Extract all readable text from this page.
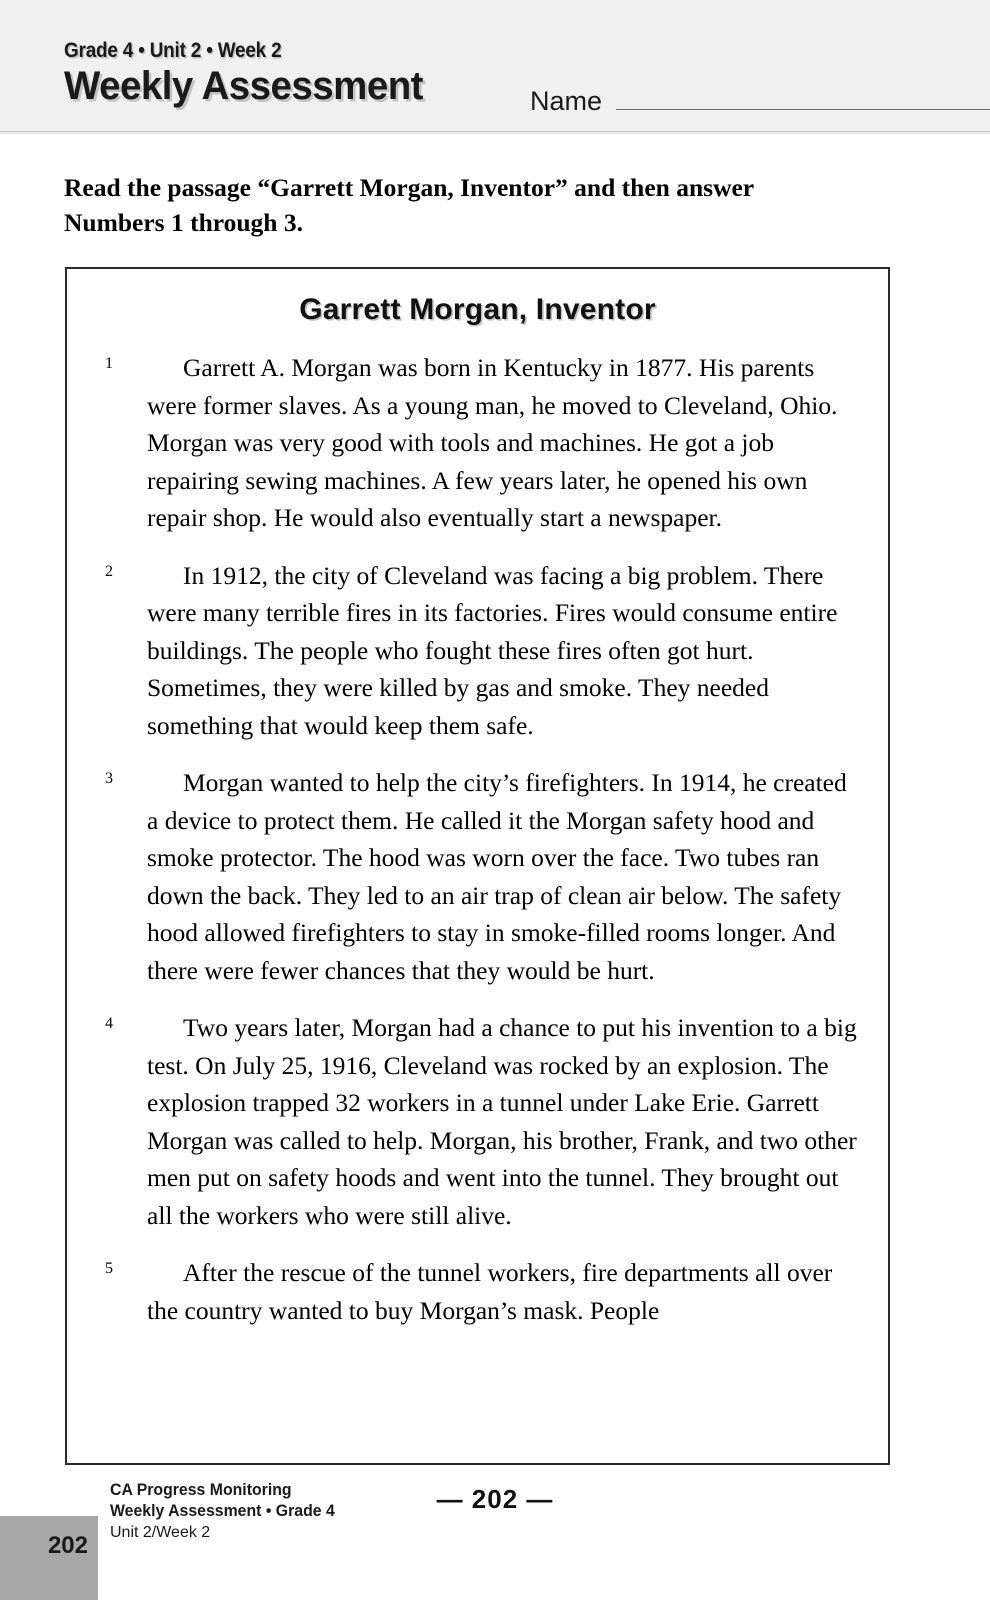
Grade 4 • Unit 2 • Week 2
Weekly Assessment	Name
Read the passage “Garrett Morgan, Inventor” and then answer Numbers 1 through 3.
Garrett Morgan, Inventor
1	Garrett A. Morgan was born in Kentucky in 1877. His parents were former slaves. As a young man, he moved to Cleveland, Ohio. Morgan was very good with tools and machines. He got a job repairing sewing machines. A few years later, he opened his own repair shop. He would also eventually start a newspaper.
2	In 1912, the city of Cleveland was facing a big problem. There were many terrible fires in its factories. Fires would consume entire buildings. The people who fought these fires often got hurt. Sometimes, they were killed by gas and smoke. They needed something that would keep them safe.
3	Morgan wanted to help the city’s firefighters. In 1914, he created a device to protect them. He called it the Morgan safety hood and smoke protector. The hood was worn over the face. Two tubes ran down the back. They led to an air trap of clean air below. The safety hood allowed firefighters to stay in smoke-filled rooms longer. And there were fewer chances that they would be hurt.
4	Two years later, Morgan had a chance to put his invention to a big test. On July 25, 1916, Cleveland was rocked by an explosion. The explosion trapped 32 workers in a tunnel under Lake Erie. Garrett Morgan was called to help. Morgan, his brother, Frank, and two other men put on safety hoods and went into the tunnel. They brought out all the workers who were still alive.
5	After the rescue of the tunnel workers, fire departments all over the country wanted to buy Morgan’s mask. People
202
CA Progress Monitoring
Weekly Assessment • Grade 4
Unit 2/Week 2
— 202 —
